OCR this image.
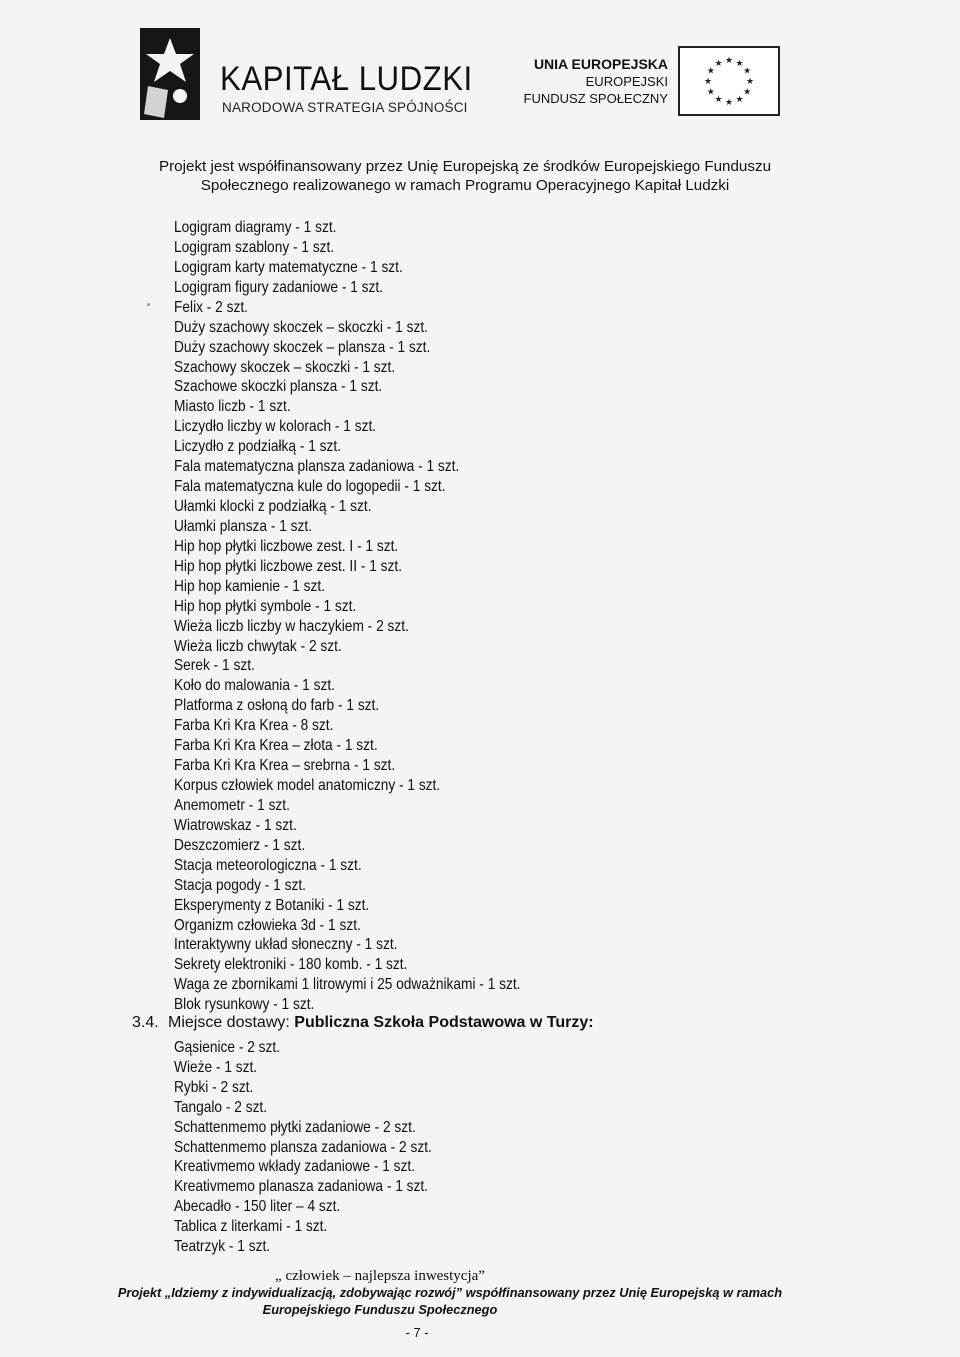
KAPITAŁ LUDZKI
NARODOWA STRATEGIA SPÓJNOŚCI
UNIA EUROPEJSKA
EUROPEJSKI
FUNDUSZ SPOŁECZNY
★ ★
★
★
★
★
★
★
★
★
★
★
Projekt jest współfinansowany przez Unię Europejską ze środków Europejskiego Funduszu
Społecznego realizowanego w ramach Programu Operacyjnego Kapitał Ludzki
Logigram diagramy - 1 szt.
Logigram szablony - 1 szt.
Logigram karty matematyczne - 1 szt.
Logigram figury zadaniowe - 1 szt.
Felix - 2 szt.
Duży szachowy skoczek – skoczki - 1 szt.
Duży szachowy skoczek – plansza - 1 szt.
Szachowy skoczek – skoczki - 1 szt.
Szachowe skoczki plansza - 1 szt.
Miasto liczb - 1 szt.
Liczydło liczby w kolorach - 1 szt.
Liczydło z podziałką - 1 szt.
Fala matematyczna plansza zadaniowa - 1 szt.
Fala matematyczna kule do logopedii - 1 szt.
Ułamki klocki z podziałką - 1 szt.
Ułamki plansza - 1 szt.
Hip hop płytki liczbowe zest. I - 1 szt.
Hip hop płytki liczbowe zest. II - 1 szt.
Hip hop kamienie - 1 szt.
Hip hop płytki symbole - 1 szt.
Wieża liczb liczby w haczykiem - 2 szt.
Wieża liczb chwytak - 2 szt.
Serek - 1 szt.
Koło do malowania - 1 szt.
Platforma z osłoną do farb - 1 szt.
Farba Kri Kra Krea - 8 szt.
Farba Kri Kra Krea – złota - 1 szt.
Farba Kri Kra Krea – srebrna - 1 szt.
Korpus człowiek model anatomiczny - 1 szt.
Anemometr - 1 szt.
Wiatrowskaz - 1 szt.
Deszczomierz - 1 szt.
Stacja meteorologiczna - 1 szt.
Stacja pogody - 1 szt.
Eksperymenty z Botaniki - 1 szt.
Organizm człowieka 3d - 1 szt.
Interaktywny układ słoneczny - 1 szt.
Sekrety elektroniki - 180 komb. - 1 szt.
Waga ze zbornikami 1 litrowymi i 25 odważnikami - 1 szt.
Blok rysunkowy - 1 szt.
3.4. Miejsce dostawy: Publiczna Szkoła Podstawowa w Turzy:
Gąsienice - 2 szt.
Wieże - 1 szt.
Rybki - 2 szt.
Tangalo - 2 szt.
Schattenmemo płytki zadaniowe - 2 szt.
Schattenmemo plansza zadaniowa - 2 szt.
Kreativmemo wkłady zadaniowe - 1 szt.
Kreativmemo planasza zadaniowa - 1 szt.
Abecadło - 150 liter – 4 szt.
Tablica z literkami - 1 szt.
Teatrzyk - 1 szt.
„ człowiek – najlepsza inwestycja”
Projekt „Idziemy z indywidualizacją, zdobywając rozwój” współfinansowany przez Unię Europejską w ramach
Europejskiego Funduszu Społecznego
- 7 -
